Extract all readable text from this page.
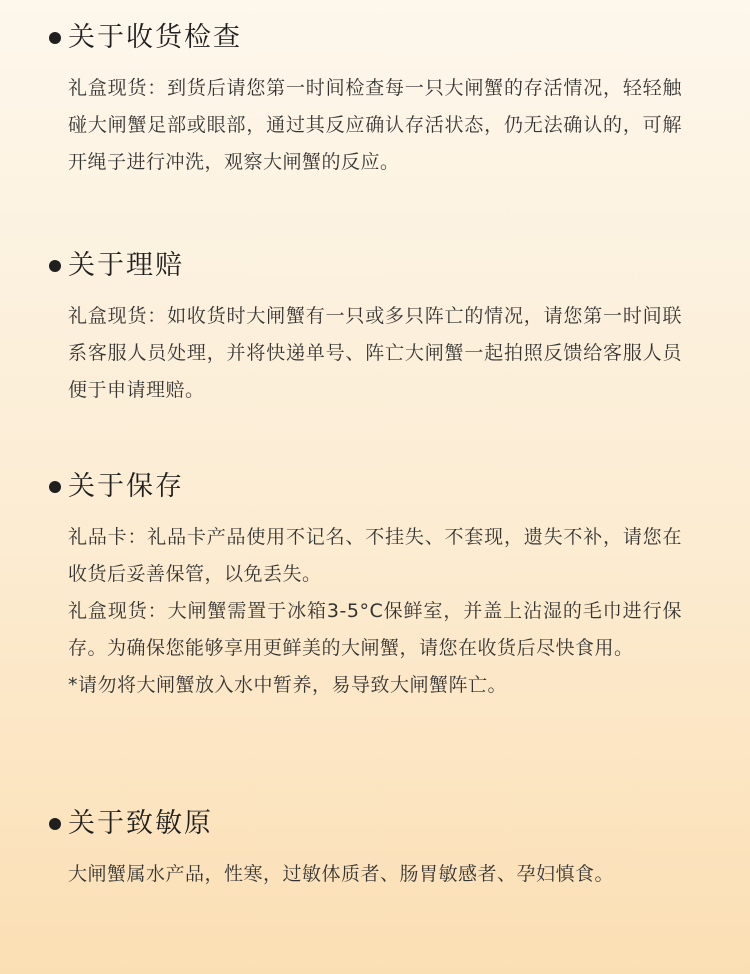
关于收货检查

礼盒现货：到货后请您第一时间检查每一只大闸蟹的存活情况，轻轻触碰大闸蟹足部或眼部，通过其反应确认存活状态，仍无法确认的，可解开绳子进行冲洗，观察大闸蟹的反应。

关于理赔

礼盒现货：如收货时大闸蟹有一只或多只阵亡的情况，请您第一时间联系客服人员处理，并将快递单号、阵亡大闸蟹一起拍照反馈给客服人员便于申请理赔。

关于保存

礼品卡：礼品卡产品使用不记名、不挂失、不套现，遗失不补，请您在收货后妥善保管，以免丢失。

礼盒现货：大闸蟹需置于冰箱3-5°C保鲜室，并盖上沾湿的毛巾进行保存。为确保您能够享用更鲜美的大闸蟹，请您在收货后尽快食用。

*请勿将大闸蟹放入水中暂养，易导致大闸蟹阵亡。

关于致敏原

大闸蟹属水产品，性寒，过敏体质者、肠胃敏感者、孕妇慎食。
